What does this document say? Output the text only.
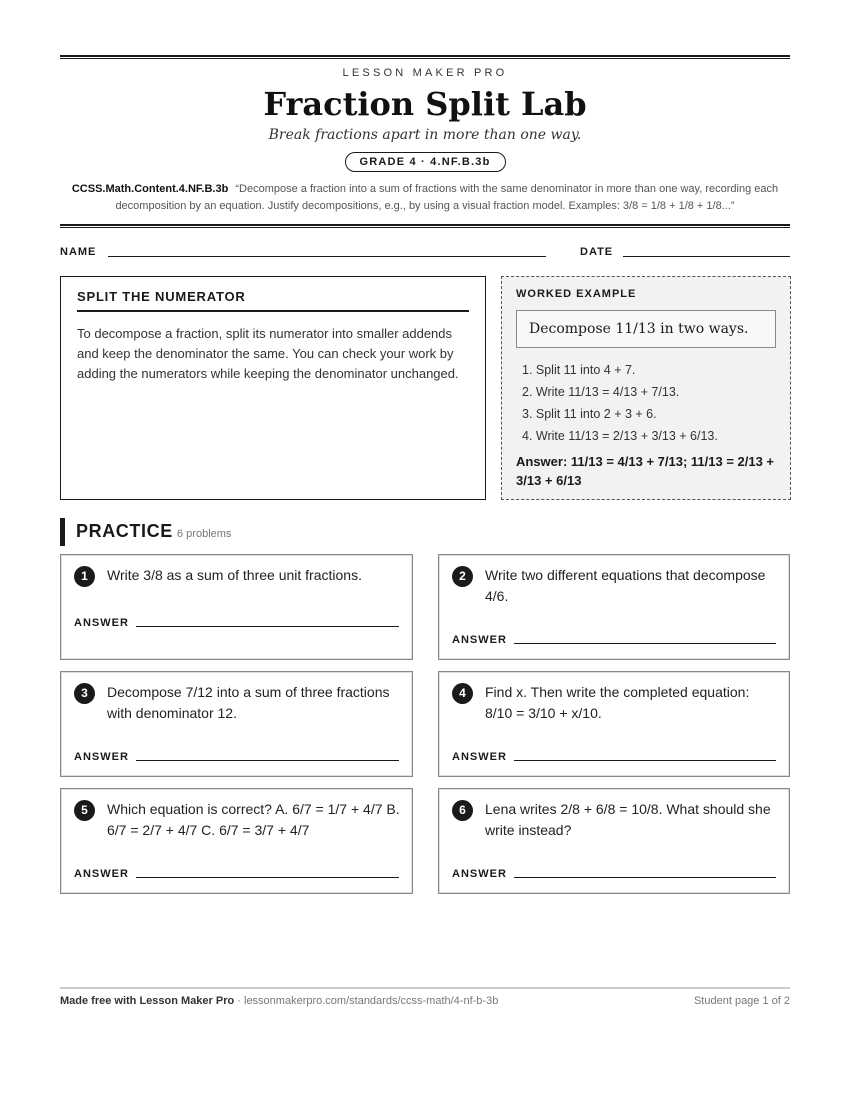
LESSON MAKER PRO
Fraction Split Lab
Break fractions apart in more than one way.
GRADE 4 · 4.NF.B.3b
CCSS.Math.Content.4.NF.B.3b “Decompose a fraction into a sum of fractions with the same denominator in more than one way, recording each decomposition by an equation. Justify decompositions, e.g., by using a visual fraction model. Examples: 3/8 = 1/8 + 1/8 + 1/8...”
NAME	DATE
SPLIT THE NUMERATOR

To decompose a fraction, split its numerator into smaller addends and keep the denominator the same. You can check your work by adding the numerators while keeping the denominator unchanged.

WORKED EXAMPLE
Decompose 11/13 in two ways.
1. Split 11 into 4 + 7.
2. Write 11/13 = 4/13 + 7/13.
3. Split 11 into 2 + 3 + 6.
4. Write 11/13 = 2/13 + 3/13 + 6/13.
Answer: 11/13 = 4/13 + 7/13; 11/13 = 2/13 + 3/13 + 6/13
PRACTICE 6 problems
1	Write 3/8 as a sum of three unit fractions.
ANSWER
2	Write two different equations that decompose 4/6.
ANSWER
3	Decompose 7/12 into a sum of three fractions with denominator 12.
ANSWER
4	Find x. Then write the completed equation: 8/10 = 3/10 + x/10.
ANSWER
5	Which equation is correct? A. 6/7 = 1/7 + 4/7 B. 6/7 = 2/7 + 4/7 C. 6/7 = 3/7 + 4/7
ANSWER
6	Lena writes 2/8 + 6/8 = 10/8. What should she write instead?
ANSWER
Made free with Lesson Maker Pro · lessonmakerpro.com/standards/ccss-math/4-nf-b-3b	Student page 1 of 2
